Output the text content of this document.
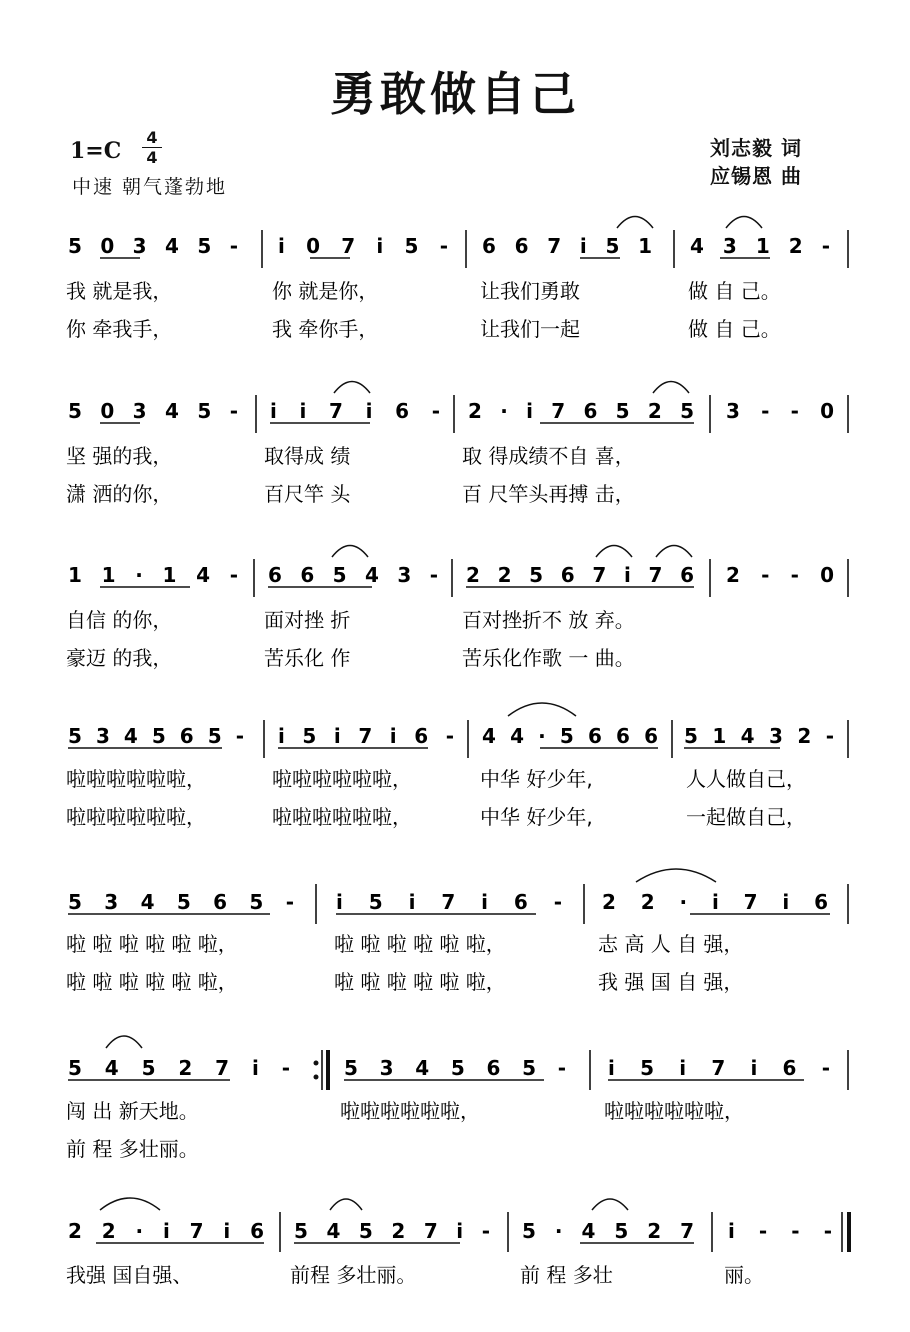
勇敢做自己
1=C
4
4
中速 朝气蓬勃地
刘志毅 词
应锡恩 曲
5 0 3 4 5 - i 0 7 i 5 - 6 6 7 i 5 1 4 3 1 2 -
我 就是我，	你 就是你，	让我们勇敢	做 自 己。
你 牵我手，	我 牵你手，	让我们一起	做 自 己。
5 0 3 4 5 - i i 7 i 6 - 2 · i 7 6 5 2 5 3 - - 0
坚 强的我，	取得成 绩	取 得成绩不自 喜，
潇 洒的你，	百尺竿 头	百 尺竿头再搏 击，
1 1 · 1 4 - 6 6 5 4 3 - 2 2 5 6 7 i 7 6 2 - - 0
自信 的你，	面对挫 折	百对挫折不 放 弃。
豪迈 的我，	苦乐化 作	苦乐化作歌 一 曲。
5 3 4 5 6 5 - i 5 i 7 i 6 - 4 4 · 5 6 6 6 5 1 4 3 2 -
啦啦啦啦啦啦，	啦啦啦啦啦啦，	中华 好少年,	人人做自己，
啦啦啦啦啦啦，	啦啦啦啦啦啦，	中华 好少年,	一起做自己，
5 3 4 5 6 5 - i 5 i 7 i 6 - 2 2 · i 7 i 6
啦 啦 啦 啦 啦 啦，	啦 啦 啦 啦 啦 啦，	志 高 人 自 强，
啦 啦 啦 啦 啦 啦，	啦 啦 啦 啦 啦 啦，	我 强 国 自 强，
5 4 5 2 7 i -	5 3 4 5 6 5 - i 5 i 7 i 6 -
闯 出 新天地。	啦啦啦啦啦啦，	啦啦啦啦啦啦，
前 程 多壮丽。
2 2 · i 7 i 6 5 4 5 2 7 i - 5 · 4 5 2 7 i - - -
我强 国自强、	前程 多壮丽。	前 程 多壮	丽。
